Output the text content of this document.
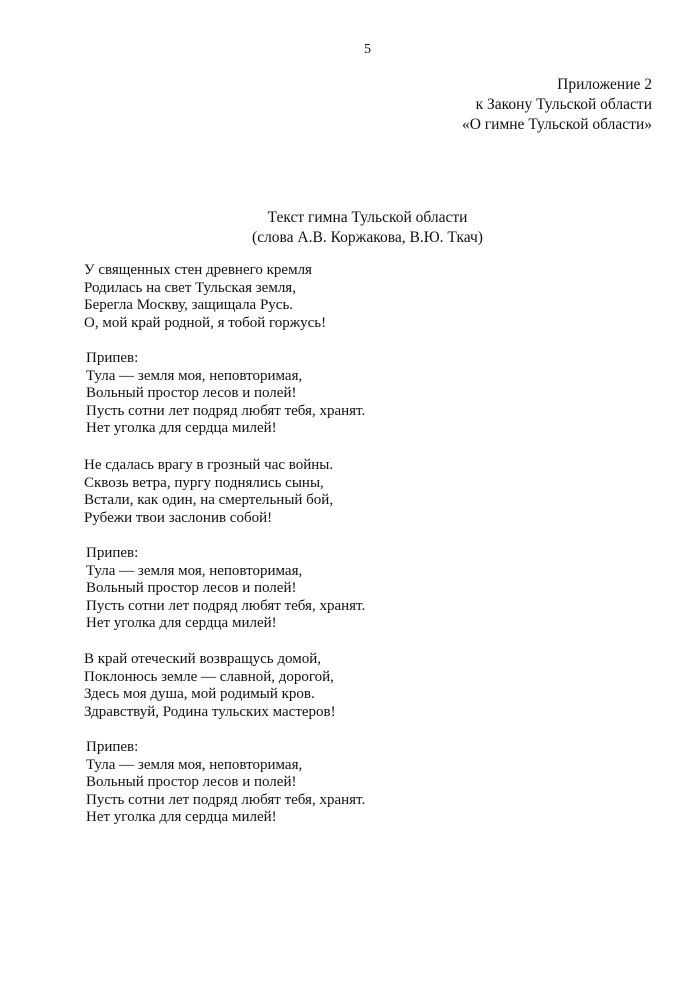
5
Приложение 2
к Закону Тульской области
«О гимне Тульской области»
Текст гимна Тульской области
(слова А.В. Коржакова, В.Ю. Ткач)
У священных стен древнего кремля
Родилась на свет Тульская земля,
Берегла Москву, защищала Русь.
О, мой край родной, я тобой горжусь!
Припев:
Тула — земля моя, неповторимая,
Вольный простор лесов и полей!
Пусть сотни лет подряд любят тебя, хранят.
Нет уголка для сердца милей!
Не сдалась врагу в грозный час войны.
Сквозь ветра, пургу поднялись сыны,
Встали, как один, на смертельный бой,
Рубежи твои заслонив собой!
Припев:
Тула — земля моя, неповторимая,
Вольный простор лесов и полей!
Пусть сотни лет подряд любят тебя, хранят.
Нет уголка для сердца милей!
В край отеческий возвращусь домой,
Поклонюсь земле — славной, дорогой,
Здесь моя душа, мой родимый кров.
Здравствуй, Родина тульских мастеров!
Припев:
Тула — земля моя, неповторимая,
Вольный простор лесов и полей!
Пусть сотни лет подряд любят тебя, хранят.
Нет уголка для сердца милей!
